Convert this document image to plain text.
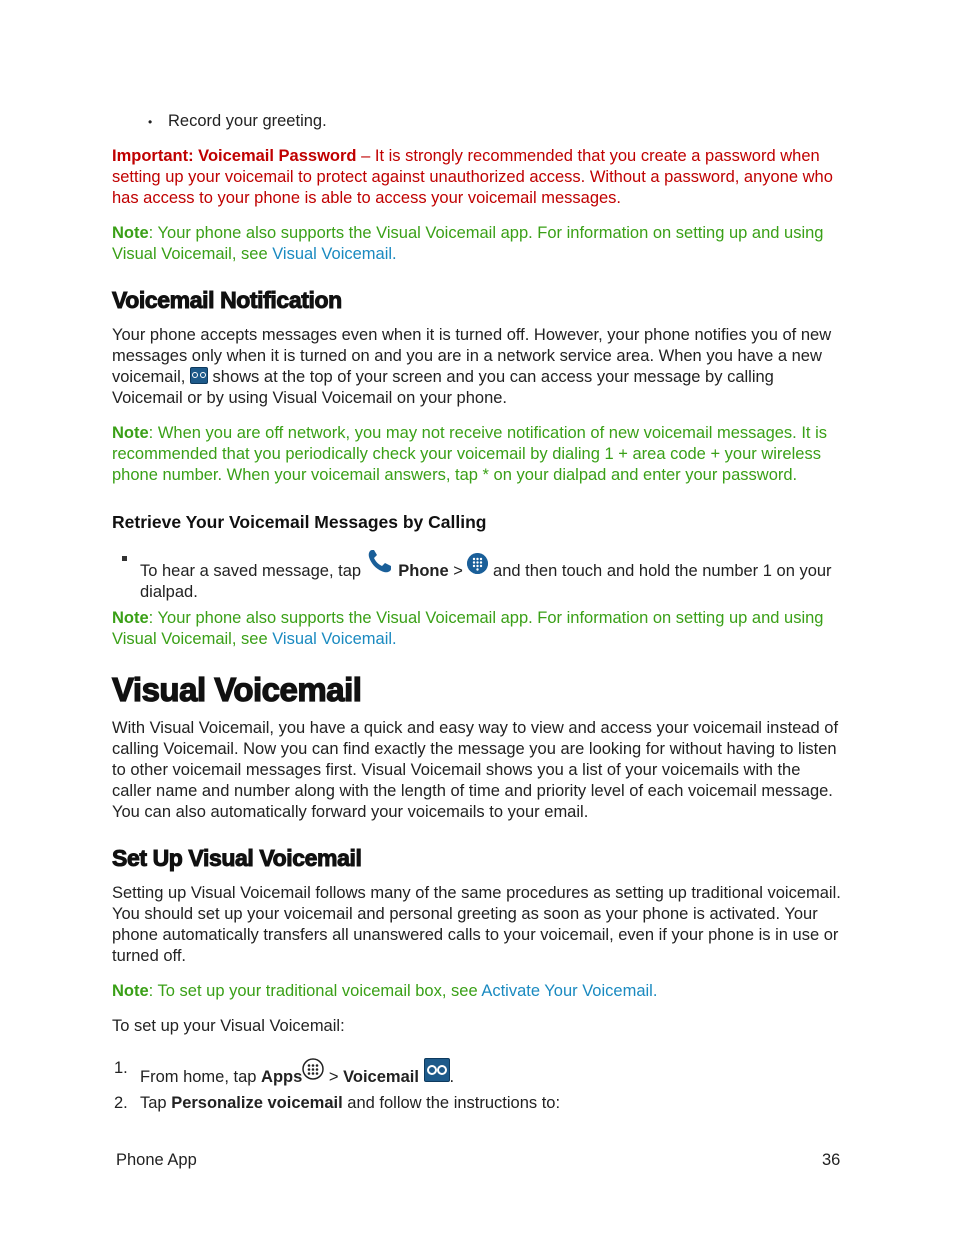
• Record your greeting.

Important: Voicemail Password – It is strongly recommended that you create a password when setting up your voicemail to protect against unauthorized access. Without a password, anyone who has access to your phone is able to access your voicemail messages.

Note: Your phone also supports the Visual Voicemail app. For information on setting up and using Visual Voicemail, see Visual Voicemail.

Voicemail Notification

Your phone accepts messages even when it is turned off. However, your phone notifies you of new messages only when it is turned on and you are in a network service area. When you have a new voicemail,  shows at the top of your screen and you can access your message by calling Voicemail or by using Visual Voicemail on your phone.

Note: When you are off network, you may not receive notification of new voicemail messages. It is recommended that you periodically check your voicemail by dialing 1 + area code + your wireless phone number. When your voicemail answers, tap * on your dialpad and enter your password.

Retrieve Your Voicemail Messages by Calling

To hear a saved message, tap  Phone >  and then touch and hold the number 1 on your dialpad.

Note: Your phone also supports the Visual Voicemail app. For information on setting up and using Visual Voicemail, see Visual Voicemail.

Visual Voicemail

With Visual Voicemail, you have a quick and easy way to view and access your voicemail instead of calling Voicemail. Now you can find exactly the message you are looking for without having to listen to other voicemail messages first. Visual Voicemail shows you a list of your voicemails with the caller name and number along with the length of time and priority level of each voicemail message. You can also automatically forward your voicemails to your email.

Set Up Visual Voicemail

Setting up Visual Voicemail follows many of the same procedures as setting up traditional voicemail. You should set up your voicemail and personal greeting as soon as your phone is activated. Your phone automatically transfers all unanswered calls to your voicemail, even if your phone is in use or turned off.

Note: To set up your traditional voicemail box, see Activate Your Voicemail.

To set up your Visual Voicemail:

1. From home, tap Apps > Voicemail .

2. Tap Personalize voicemail and follow the instructions to:

Phone App	36
